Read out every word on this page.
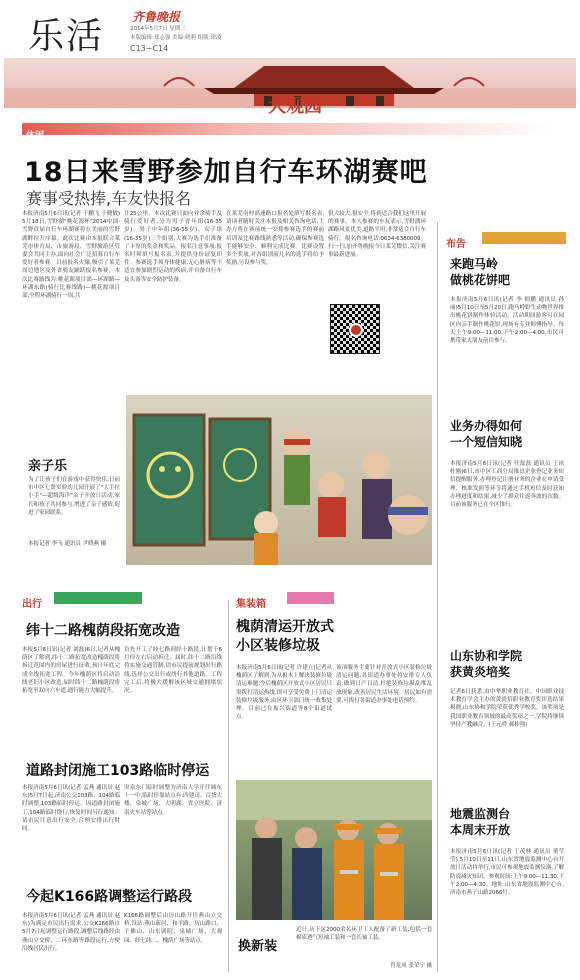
乐活 齐鲁晚报
2014年5月7日 星期三
本版编辑:郑志强 美编:晓莉 组版:徐凌
C13~C14
大观园
休闲
18日来雪野参加自行车环湖赛吧
赛事受热捧,车友快报名
本报济南5月6日讯(记者 于鹏飞 于晓敏) 5月18日,雪野湖"桃花源杯"2014中国·雪野首届自行车环湖赛将在美丽的雪野湖畔拉开序幕。此次比赛由本报联合莱芜市体育局、市旅游局、雪野旅游区管委会共同主办,面向社会广泛招募自行车爱好者参赛。目前报名火爆,吸引了莱芜周边地区及外省骑友踊跃报名参赛。本次比赛路线为:桃花源项目部—环湖路—环湖东路(骑行比赛线路)—桃花源项目部,全程环湖骑行一周,共
计25公里。本次比赛只面向业余骑手及骑行爱好者,分为男子青年组(16-35岁)、男子中年组(36-55岁)、女子组(16-35岁)三个组别,大赛为选手们准备了丰厚的奖金和奖品。报名注意事项:报名时须填写报名表,并提供身份证复印件。参赛选手须身体健康,无心脏病等不适宜参加剧烈运动的疾病,并自备自行车及头盔等安全防护装备。
在莱芜南村高速路口报名处填写报名表,请读者随时关注本报及相关咨询电话,主办方将在赛前统一安排参赛选手的赛前培训及比赛路线熟悉等活动,确保参赛选手能够安全、顺利完成比赛。比赛设置多个奖项,对各组别前几名的选手将给予奖励,另设参与奖。
很大较大,很安全,将到适合我们这里开展的赛事。本人参赛的车友表示,雪野湖环湖路风景优美,道路平坦,非常适合自行车骑行。报名咨询电话:0634-6380009。扫一扫,加齐鲁晚报今日莱芜微信,关注赛事最新进展。
布告
来跑马岭
做桃花饼吧
本报济南5月6日讯(记者 李 师鹏 通讯员 孙丽)5月10日至5月20日,跑马岭野生动物世界推出桃花饼制作体验活动。活动期间游客可在园区内亲手制作桃花饼,现场有专业师傅指导。每天上午9:00—11:00,下午2:00—4:00,市民可携带家人朋友前往参与。
业务办得如何
一个短信知晓
本报济南5月6日讯(记者 任磊磊 通讯员 王冰 杜刚)6日,市中区工商分局推出企业登记业务短信提醒服务,办理登记注册业务的企业在申请受理、核准发照等环节将通过手机短信及时获知办理进度和结果,减少了群众往返奔波的次数。目前该服务已在全区推行。
山东协和学院
获黄炎培奖
记者6日获悉,由中华职业教育社、中国职业技术教育学会主办的黄炎培职业教育奖评选结果揭晓,山东协和学院荣获优秀学校奖。该奖项是我国职业教育领域的最高奖项之一,学院将继续坚持产教融合。(王元舜 郝桂翔)
地震监测台
本周末开放
本报济南5月6日讯(记者 王茂林 通讯员 董莹莹) 5月10日至11日,山东省地震监测中心台开放日活动将举行,市民可参观地震监测仪器,了解防震减灾知识。参观时间:上午9:00—11:30,下午2:00—4:30。地址:山东省地震监测中心台,济南市燕子山路2066号。
亲子乐
为了让孩子们在游戏中获得快乐,日前市中区七贤实验幼儿园开展了"大手拉小手"—超级海洋"亲子开放日活动,家长和孩子共同参与,增进了亲子感情,促进了家园联系。
本报记者 李飞 通讯员 尹晓燕 摄
出行
纬十二路槐荫段拓宽改造
本报5月6日讯(记者 刘磊)6日,记者从槐荫区了解到,纬十二路拓宽改造槐荫段将拆迁范围内的房屋进行征收,预计年底完成全线拓宽工程。今年槐荫区将启动沿线老旧小区改造,届时纬十二路槐荫段将拓宽至双向六车道,通行能力大幅提升。
首先开工了经七路到经十路段,计划于6月份左右启动拆迁。届时,纬十二路沿线将实施交通管制,请市民提前规划出行路线,选择公交出行或绕行其他道路。工程完工后,将极大缓解该区域交通拥堵状况。
道路封闭施工103路临时停运
本报济南5月6日讯(记者 孟燕 通讯员 赵东)5月7日起,济南公交103路、104路临时调整,103路临时停运。因道路封闭施工,104路临时绕行,恢复时间另行通知。请市民注意出行安全,合理安排出行时间。
突泉东门临时调整为济南大学开往城东十一中,临时停靠站点有:四建司、百货大楼、泉城广场、大明湖、省立医院、济南火车站等站点。
今起K166路调整运行路段
本报济南5月6日讯(记者 孟燕 通讯员 赵东)为满足市民出行需求,公交K166路自5月7日起调整运行路段,调整后线路经由燕山立交桥、二环东路等路段运行,方便沿线居民出行。
K166路调整后由历山路开往燕山立交桥,设站:燕山新居、和平路、历山路口、千佛山、山东剧院、泉城广场、大观园、经七纬二、槐荫广场等站点。
集装箱
槐荫清运开放式
小区装修垃圾
本报济南5月6日讯(记者 许建立)记者从槐荫区了解到,为从根本上解决装修垃圾清运难题,今后槐荫区开放式小区居民只需拨打清运热线,即可享受免费上门清运装修垃圾服务,由区环卫部门统一收集处理。目前已在振兴街道等8个街道试点。
该项服务主要针对开放式小区装修垃圾清运问题,各街道办事处将安排专人负责,做到日产日清,杜绝装修垃圾乱堆乱放现象,改善居民生活环境。居民如有需要,可拨打各街道办事处电话预约。
换新装
近日,历下区2000余名环卫工人配备了新工装,包括一套棉质透气短袖工装和一套长袖工装。
肖龙凤 张荣宁 摄
